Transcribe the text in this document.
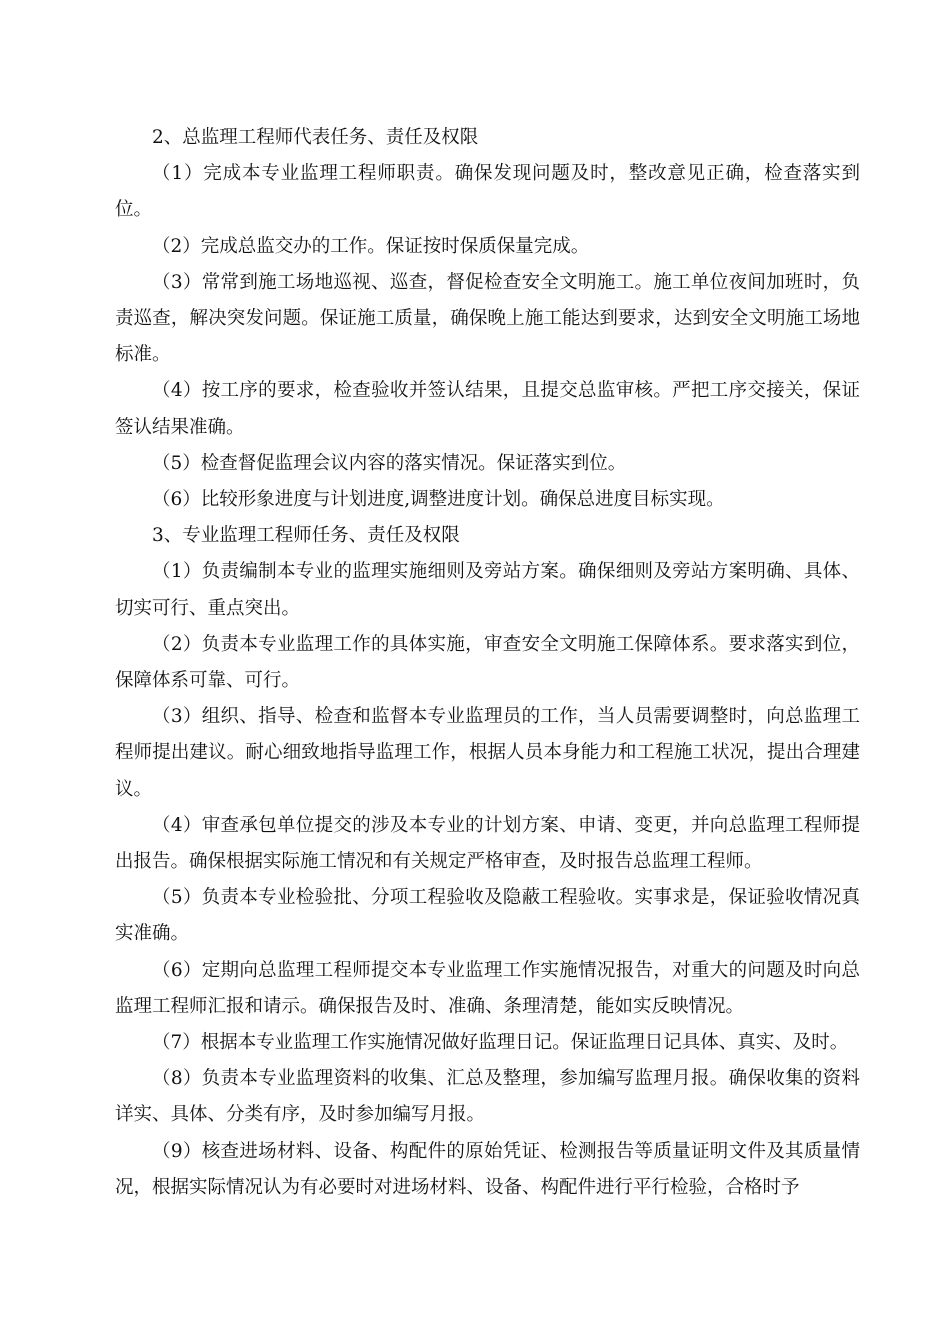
2、总监理工程师代表任务、责任及权限

（1）完成本专业监理工程师职责。确保发现问题及时，整改意见正确，检查落实到位。

（2）完成总监交办的工作。保证按时保质保量完成。

（3）常常到施工场地巡视、巡查，督促检查安全文明施工。施工单位夜间加班时，负责巡查，解决突发问题。保证施工质量，确保晚上施工能达到要求，达到安全文明施工场地标准。

（4）按工序的要求，检查验收并签认结果，且提交总监审核。严把工序交接关，保证签认结果准确。

（5）检查督促监理会议内容的落实情况。保证落实到位。

（6）比较形象进度与计划进度,调整进度计划。确保总进度目标实现。

3、专业监理工程师任务、责任及权限

（1）负责编制本专业的监理实施细则及旁站方案。确保细则及旁站方案明确、具体、切实可行、重点突出。

（2）负责本专业监理工作的具体实施，审查安全文明施工保障体系。要求落实到位，保障体系可靠、可行。

（3）组织、指导、检查和监督本专业监理员的工作，当人员需要调整时，向总监理工程师提出建议。耐心细致地指导监理工作，根据人员本身能力和工程施工状况，提出合理建议。

（4）审查承包单位提交的涉及本专业的计划方案、申请、变更，并向总监理工程师提出报告。确保根据实际施工情况和有关规定严格审查，及时报告总监理工程师。

（5）负责本专业检验批、分项工程验收及隐蔽工程验收。实事求是，保证验收情况真实准确。

（6）定期向总监理工程师提交本专业监理工作实施情况报告，对重大的问题及时向总监理工程师汇报和请示。确保报告及时、准确、条理清楚，能如实反映情况。

（7）根据本专业监理工作实施情况做好监理日记。保证监理日记具体、真实、及时。

（8）负责本专业监理资料的收集、汇总及整理，参加编写监理月报。确保收集的资料详实、具体、分类有序，及时参加编写月报。

（9）核查进场材料、设备、构配件的原始凭证、检测报告等质量证明文件及其质量情况，根据实际情况认为有必要时对进场材料、设备、构配件进行平行检验，合格时予
